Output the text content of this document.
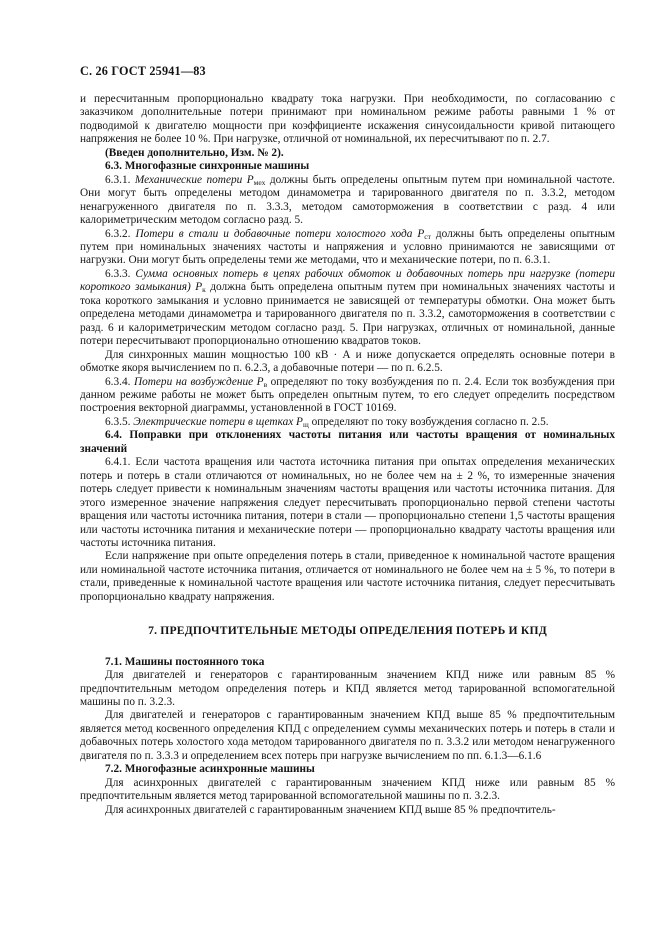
С. 26 ГОСТ 25941—83

и пересчитанным пропорционально квадрату тока нагрузки. При необходимости, по согласованию с заказчиком дополнительные потери принимают при номинальном режиме работы равными 1 % от подводимой к двигателю мощности при коэффициенте искажения синусоидальности кривой питающего напряжения не более 10 %. При нагрузке, отличной от номинальной, их пересчитывают по п. 2.7.

(Введен дополнительно, Изм. № 2).

6.3. Многофазные синхронные машины

6.3.1. Механические потери $P_{мех}$ должны быть определены опытным путем при номинальной частоте. Они могут быть определены методом динамометра и тарированного двигателя по п. 3.3.2, методом ненагруженного двигателя по п. 3.3.3, методом самоторможения в соответствии с разд. 4 или калориметрическим методом согласно разд. 5.

6.3.2. Потери в стали и добавочные потери холостого хода $P_{ст}$ должны быть определены опытным путем при номинальных значениях частоты и напряжения и условно принимаются не зависящими от нагрузки. Они могут быть определены теми же методами, что и механические потери, по п. 6.3.1.

6.3.3. Сумма основных потерь в цепях рабочих обмоток и добавочных потерь при нагрузке (потери короткого замыкания) $P_к$ должна быть определена опытным путем при номинальных значениях частоты и тока короткого замыкания и условно принимается не зависящей от температуры обмотки. Она может быть определена методами динамометра и тарированного двигателя по п. 3.3.2, самоторможения в соответствии с разд. 6 и калориметрическим методом согласно разд. 5. При нагрузках, отличных от номинальной, данные потери пересчитывают пропорционально отношению квадратов токов.

Для синхронных машин мощностью 100 кВ · А и ниже допускается определять основные потери в обмотке якоря вычислением по п. 6.2.3, а добавочные потери — по п. 6.2.5.

6.3.4. Потери на возбуждение $P_в$ определяют по току возбуждения по п. 2.4. Если ток возбуждения при данном режиме работы не может быть определен опытным путем, то его следует определить посредством построения векторной диаграммы, установленной в ГОСТ 10169.

6.3.5. Электрические потери в щетках $P_щ$ определяют по току возбуждения согласно п. 2.5.

6.4. Поправки при отклонениях частоты питания или частоты вращения от номинальных значений

6.4.1. Если частота вращения или частота источника питания при опытах определения механических потерь и потерь в стали отличаются от номинальных, но не более чем на ± 2 %, то измеренные значения потерь следует привести к номинальным значениям частоты вращения или частоты источника питания. Для этого измеренное значение напряжения следует пересчитывать пропорционально первой степени частоты вращения или частоты источника питания, потери в стали — пропорционально степени 1,5 частоты вращения или частоты источника питания и механические потери — пропорционально квадрату частоты вращения или частоты источника питания.

Если напряжение при опыте определения потерь в стали, приведенное к номинальной частоте вращения или номинальной частоте источника питания, отличается от номинального не более чем на ± 5 %, то потери в стали, приведенные к номинальной частоте вращения или частоте источника питания, следует пересчитывать пропорционально квадрату напряжения.

7. ПРЕДПОЧТИТЕЛЬНЫЕ МЕТОДЫ ОПРЕДЕЛЕНИЯ ПОТЕРЬ И КПД

7.1. Машины постоянного тока

Для двигателей и генераторов с гарантированным значением КПД ниже или равным 85 % предпочтительным методом определения потерь и КПД является метод тарированной вспомогательной машины по п. 3.2.3.

Для двигателей и генераторов с гарантированным значением КПД выше 85 % предпочтительным является метод косвенного определения КПД с определением суммы механических потерь и потерь в стали и добавочных потерь холостого хода методом тарированного двигателя по п. 3.3.2 или методом ненагруженного двигателя по п. 3.3.3 и определением всех потерь при нагрузке вычислением по пп. 6.1.3—6.1.6

7.2. Многофазные асинхронные машины

Для асинхронных двигателей с гарантированным значением КПД ниже или равным 85 % предпочтительным является метод тарированной вспомогательной машины по п. 3.2.3.

Для асинхронных двигателей с гарантированным значением КПД выше 85 % предпочтитель-
